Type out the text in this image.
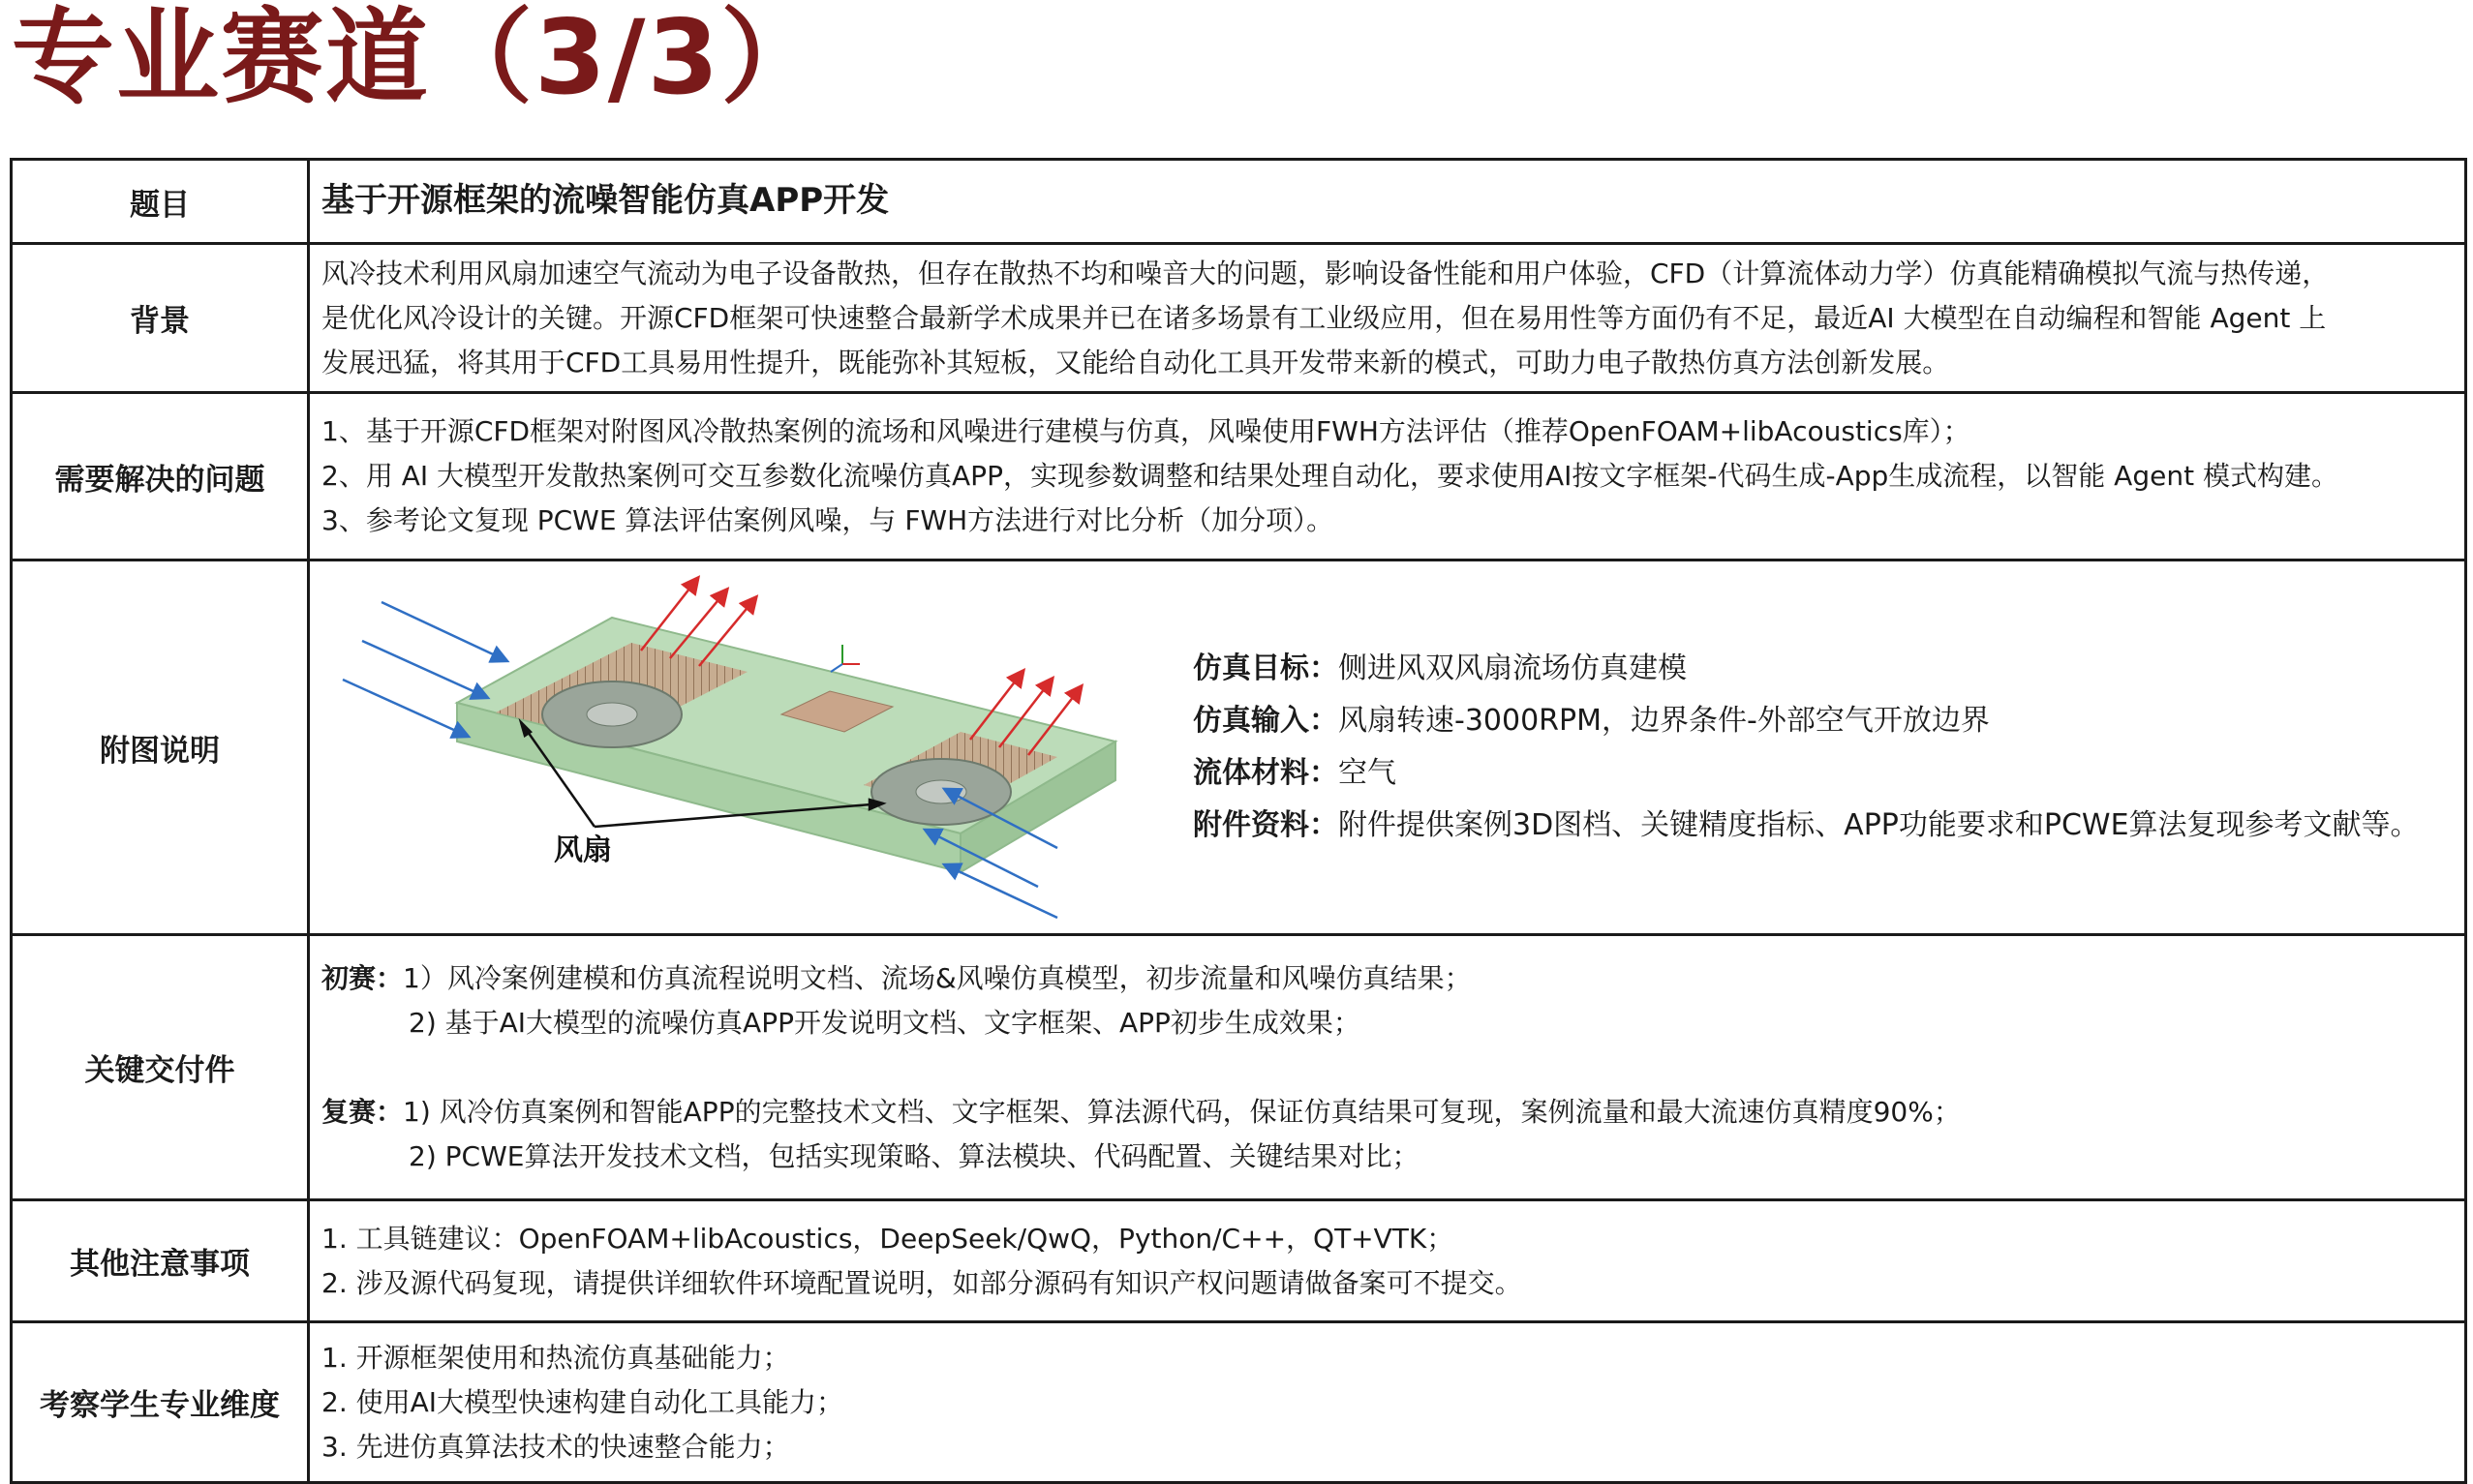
专业赛道（3/3）
题目	基于开源框架的流噪智能仿真APP开发
背景	风冷技术利用风扇加速空气流动为电子设备散热，但存在散热不均和噪音大的问题，影响设备性能和用户体验，CFD（计算流体动力学）仿真能精确模拟气流与热传递，
是优化风冷设计的关键。开源CFD框架可快速整合最新学术成果并已在诸多场景有工业级应用，但在易用性等方面仍有不足，最近AI 大模型在自动编程和智能 Agent 上
发展迅猛，将其用于CFD工具易用性提升，既能弥补其短板，又能给自动化工具开发带来新的模式，可助力电子散热仿真方法创新发展。

需要解决的问题	1、基于开源CFD框架对附图风冷散热案例的流场和风噪进行建模与仿真，风噪使用FWH方法评估（推荐OpenFOAM+libAcoustics库）；
2、用 AI 大模型开发散热案例可交互参数化流噪仿真APP，实现参数调整和结果处理自动化，要求使用AI按文字框架-代码生成-App生成流程，以智能 Agent 模式构建。
3、参考论文复现 PCWE 算法评估案例风噪，与 FWH方法进行对比分析（加分项）。

附图说明	风扇
仿真目标：侧进风双风扇流场仿真建模
仿真输入：风扇转速-3000RPM，边界条件-外部空气开放边界
流体材料：空气
附件资料：附件提供案例3D图档、关键精度指标、APP功能要求和PCWE算法复现参考文献等。

关键交付件	初赛：1）风冷案例建模和仿真流程说明文档、流场&风噪仿真模型，初步流量和风噪仿真结果；
2) 基于AI大模型的流噪仿真APP开发说明文档、文字框架、APP初步生成效果；
复赛：1) 风冷仿真案例和智能APP的完整技术文档、文字框架、算法源代码，保证仿真结果可复现，案例流量和最大流速仿真精度90%；
2) PCWE算法开发技术文档，包括实现策略、算法模块、代码配置、关键结果对比；

其他注意事项	1. 工具链建议：OpenFOAM+libAcoustics，DeepSeek/QwQ，Python/C++，QT+VTK；
2. 涉及源代码复现，请提供详细软件环境配置说明，如部分源码有知识产权问题请做备案可不提交。

考察学生专业维度	1. 开源框架使用和热流仿真基础能力；
2. 使用AI大模型快速构建自动化工具能力；
3. 先进仿真算法技术的快速整合能力；
